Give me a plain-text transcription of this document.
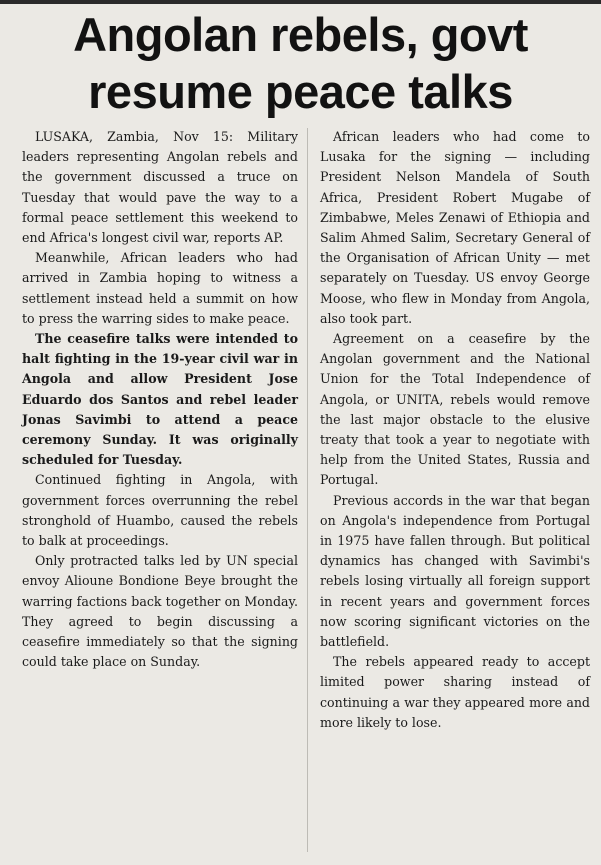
Angolan rebels, govt
resume peace talks

LUSAKA, Zambia, Nov 15: Military leaders representing Angolan rebels and the government discussed a truce on Tuesday that would pave the way to a formal peace settlement this weekend to end Africa's longest civil war, reports AP.

Meanwhile, African leaders who had arrived in Zambia hoping to witness a settlement instead held a summit on how to press the warring sides to make peace.

The ceasefire talks were intended to halt fighting in the 19-year civil war in Angola and allow President Jose Eduardo dos Santos and rebel leader Jonas Savimbi to attend a peace ceremony Sunday. It was originally scheduled for Tuesday.

Continued fighting in Angola, with government forces overrunning the rebel stronghold of Huambo, caused the rebels to balk at proceedings.

Only protracted talks led by UN special envoy Alioune Bondione Beye brought the warring factions back together on Monday. They agreed to begin discussing a ceasefire immediately so that the signing could take place on Sunday.

African leaders who had come to Lusaka for the signing — including President Nelson Mandela of South Africa, President Robert Mugabe of Zimbabwe, Meles Zenawi of Ethiopia and Salim Ahmed Salim, Secretary General of the Organisation of African Unity — met separately on Tuesday. US envoy George Moose, who flew in Monday from Angola, also took part.

Agreement on a ceasefire by the Angolan government and the National Union for the Total Independence of Angola, or UNITA, rebels would remove the last major obstacle to the elusive treaty that took a year to negotiate with help from the United States, Russia and Portugal.

Previous accords in the war that began on Angola's independence from Portugal in 1975 have fallen through. But political dynamics has changed with Savimbi's rebels losing virtually all foreign support in recent years and government forces now scoring significant victories on the battlefield.

The rebels appeared ready to accept limited power sharing instead of continuing a war they appeared more and more likely to lose.
